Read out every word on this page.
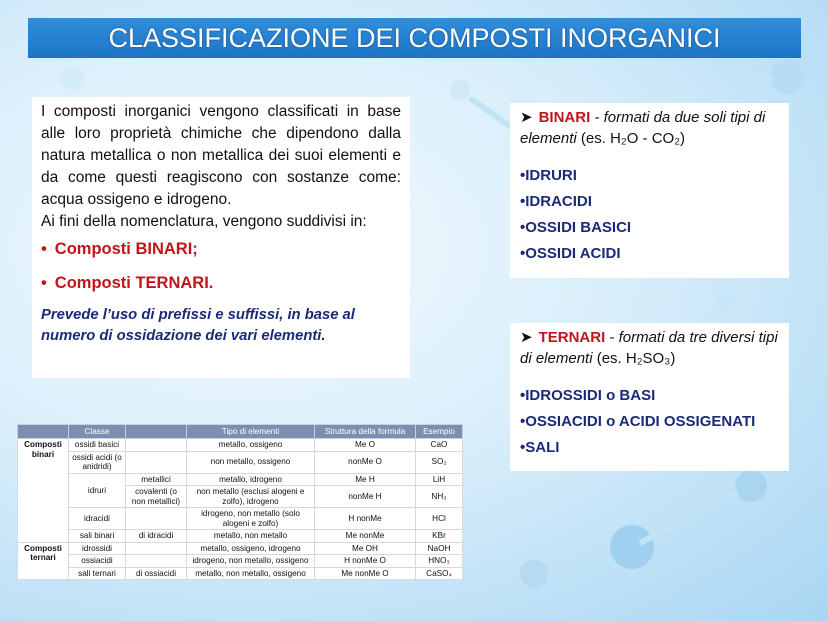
CLASSIFICAZIONE DEI COMPOSTI INORGANICI

I composti inorganici vengono classificati in base alle loro proprietà chimiche che dipendono dalla natura metallica o non metallica dei suoi elementi e da come questi reagiscono con sostanze come: acqua ossigeno e idrogeno.

Ai fini della nomenclatura, vengono suddivisi in:

• Composti BINARI;
• Composti TERNARI.

Prevede l’uso di prefissi e suffissi, in base al numero di ossidazione dei vari elementi.

➤ BINARI - formati da due soli tipi di elementi (es. H₂O - CO₂)
•IDRURI
•IDRACIDI
•OSSIDI BASICI
•OSSIDI ACIDI
➤ TERNARI - formati da tre diversi tipi di elementi (es. H₂SO₃)
•IDROSSIDI o BASI
•OSSIACIDI o ACIDI OSSIGENATI
•SALI
	Classe		Tipo di elementi	Struttura della formula	Esempio
Composti binari	ossidi basici		metallo, ossigeno	Me O	CaO
	ossidi acidi (o anidridi)		non metallo, ossigeno	nonMe O	SO₂
	idruri	metallici	metallo, idrogeno	Me H	LiH
		covalenti (o non metallici)	non metallo (esclusi alogeni e zolfo), idrogeno	nonMe H	NH₃
	idracidi		idrogeno, non metallo (solo alogeni e zolfo)	H nonMe	HCl
	sali binari	di idracidi	metallo, non metallo	Me nonMe	KBr
Composti ternari	idrossidi		metallo, ossigeno, idrogeno	Me OH	NaOH
	ossiacidi		idrogeno, non metallo, ossigeno	H nonMe O	HNO₃
	sali ternari	di ossiacidi	metallo, non metallo, ossigeno	Me nonMe O	CaSO₄
